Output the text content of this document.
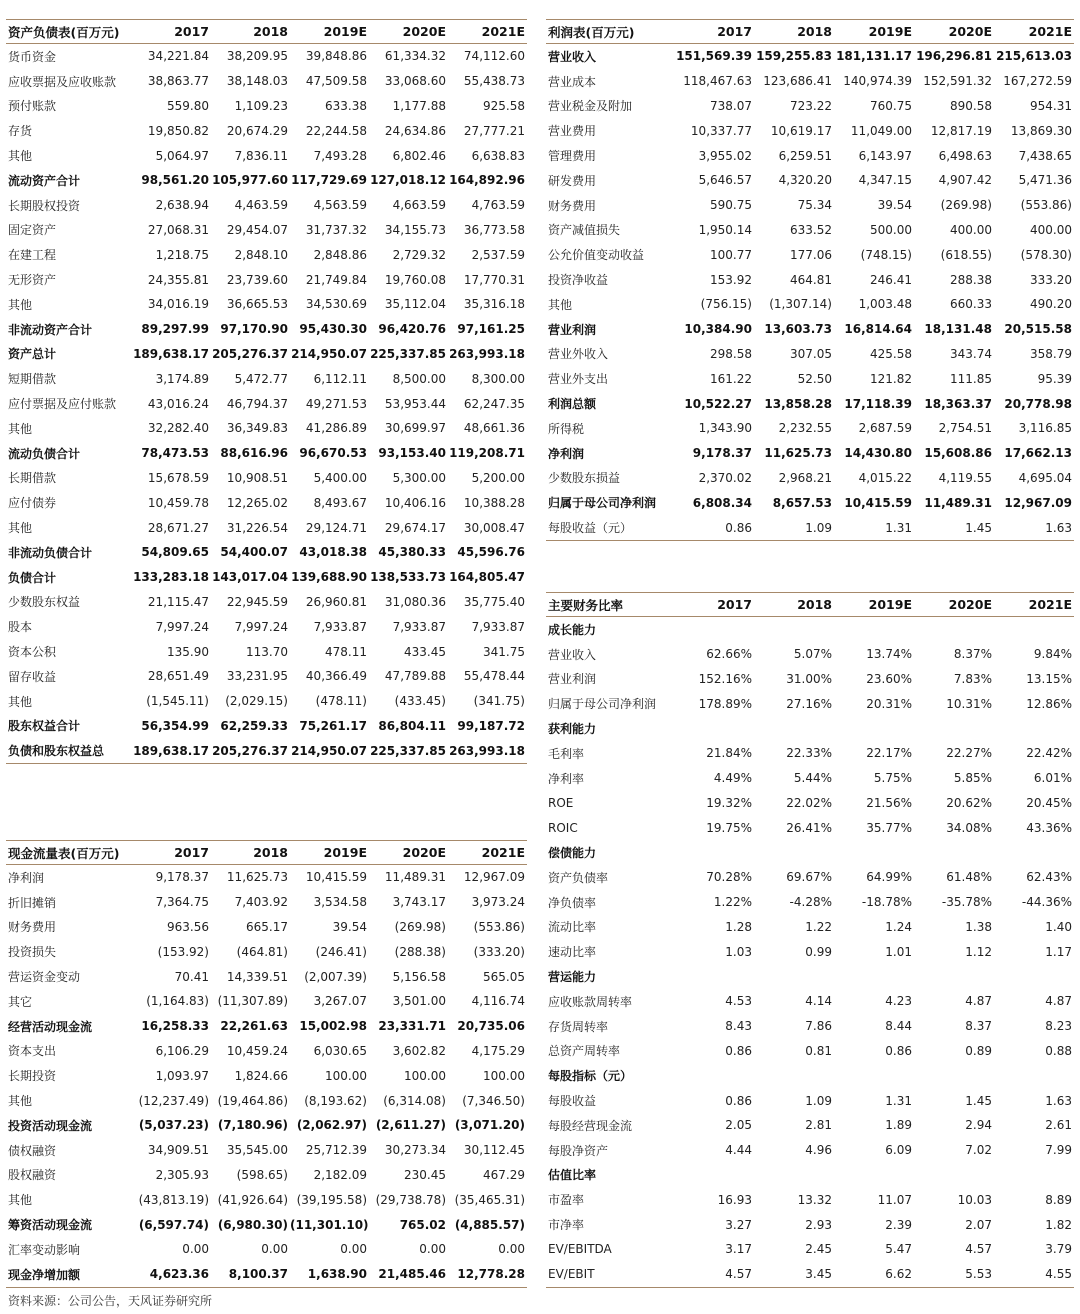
资产负债表(百万元)	2017	2018	2019E	2020E	2021E
货币资金	34,221.84	38,209.95	39,848.86	61,334.32	74,112.60
应收票据及应收账款	38,863.77	38,148.03	47,509.58	33,068.60	55,438.73
预付账款	559.80	1,109.23	633.38	1,177.88	925.58
存货	19,850.82	20,674.29	22,244.58	24,634.86	27,777.21
其他	5,064.97	7,836.11	7,493.28	6,802.46	6,638.83
流动资产合计	98,561.20	105,977.60	117,729.69	127,018.12	164,892.96
长期股权投资	2,638.94	4,463.59	4,563.59	4,663.59	4,763.59
固定资产	27,068.31	29,454.07	31,737.32	34,155.73	36,773.58
在建工程	1,218.75	2,848.10	2,848.86	2,729.32	2,537.59
无形资产	24,355.81	23,739.60	21,749.84	19,760.08	17,770.31
其他	34,016.19	36,665.53	34,530.69	35,112.04	35,316.18
非流动资产合计	89,297.99	97,170.90	95,430.30	96,420.76	97,161.25
资产总计	189,638.17	205,276.37	214,950.07	225,337.85	263,993.18
短期借款	3,174.89	5,472.77	6,112.11	8,500.00	8,300.00
应付票据及应付账款	43,016.24	46,794.37	49,271.53	53,953.44	62,247.35
其他	32,282.40	36,349.83	41,286.89	30,699.97	48,661.36
流动负债合计	78,473.53	88,616.96	96,670.53	93,153.40	119,208.71
长期借款	15,678.59	10,908.51	5,400.00	5,300.00	5,200.00
应付债券	10,459.78	12,265.02	8,493.67	10,406.16	10,388.28
其他	28,671.27	31,226.54	29,124.71	29,674.17	30,008.47
非流动负债合计	54,809.65	54,400.07	43,018.38	45,380.33	45,596.76
负债合计	133,283.18	143,017.04	139,688.90	138,533.73	164,805.47
少数股东权益	21,115.47	22,945.59	26,960.81	31,080.36	35,775.40
股本	7,997.24	7,997.24	7,933.87	7,933.87	7,933.87
资本公积	135.90	113.70	478.11	433.45	341.75
留存收益	28,651.49	33,231.95	40,366.49	47,789.88	55,478.44
其他	(1,545.11)	(2,029.15)	(478.11)	(433.45)	(341.75)
股东权益合计	56,354.99	62,259.33	75,261.17	86,804.11	99,187.72
负债和股东权益总	189,638.17	205,276.37	214,950.07	225,337.85	263,993.18
利润表(百万元)	2017	2018	2019E	2020E	2021E
营业收入	151,569.39	159,255.83	181,131.17	196,296.81	215,613.03
营业成本	118,467.63	123,686.41	140,974.39	152,591.32	167,272.59
营业税金及附加	738.07	723.22	760.75	890.58	954.31
营业费用	10,337.77	10,619.17	11,049.00	12,817.19	13,869.30
管理费用	3,955.02	6,259.51	6,143.97	6,498.63	7,438.65
研发费用	5,646.57	4,320.20	4,347.15	4,907.42	5,471.36
财务费用	590.75	75.34	39.54	(269.98)	(553.86)
资产减值损失	1,950.14	633.52	500.00	400.00	400.00
公允价值变动收益	100.77	177.06	(748.15)	(618.55)	(578.30)
投资净收益	153.92	464.81	246.41	288.38	333.20
其他	(756.15)	(1,307.14)	1,003.48	660.33	490.20
营业利润	10,384.90	13,603.73	16,814.64	18,131.48	20,515.58
营业外收入	298.58	307.05	425.58	343.74	358.79
营业外支出	161.22	52.50	121.82	111.85	95.39
利润总额	10,522.27	13,858.28	17,118.39	18,363.37	20,778.98
所得税	1,343.90	2,232.55	2,687.59	2,754.51	3,116.85
净利润	9,178.37	11,625.73	14,430.80	15,608.86	17,662.13
少数股东损益	2,370.02	2,968.21	4,015.22	4,119.55	4,695.04
归属于母公司净利润	6,808.34	8,657.53	10,415.59	11,489.31	12,967.09
每股收益（元）	0.86	1.09	1.31	1.45	1.63
主要财务比率	2017	2018	2019E	2020E	2021E
成长能力					
营业收入	62.66%	5.07%	13.74%	8.37%	9.84%
营业利润	152.16%	31.00%	23.60%	7.83%	13.15%
归属于母公司净利润	178.89%	27.16%	20.31%	10.31%	12.86%
获利能力					
毛利率	21.84%	22.33%	22.17%	22.27%	22.42%
净利率	4.49%	5.44%	5.75%	5.85%	6.01%
ROE	19.32%	22.02%	21.56%	20.62%	20.45%
ROIC	19.75%	26.41%	35.77%	34.08%	43.36%
偿债能力					
资产负债率	70.28%	69.67%	64.99%	61.48%	62.43%
净负债率	1.22%	-4.28%	-18.78%	-35.78%	-44.36%
流动比率	1.28	1.22	1.24	1.38	1.40
速动比率	1.03	0.99	1.01	1.12	1.17
营运能力					
应收账款周转率	4.53	4.14	4.23	4.87	4.87
存货周转率	8.43	7.86	8.44	8.37	8.23
总资产周转率	0.86	0.81	0.86	0.89	0.88
每股指标（元）					
每股收益	0.86	1.09	1.31	1.45	1.63
每股经营现金流	2.05	2.81	1.89	2.94	2.61
每股净资产	4.44	4.96	6.09	7.02	7.99
估值比率					
市盈率	16.93	13.32	11.07	10.03	8.89
市净率	3.27	2.93	2.39	2.07	1.82
EV/EBITDA	3.17	2.45	5.47	4.57	3.79
EV/EBIT	4.57	3.45	6.62	5.53	4.55
现金流量表(百万元)	2017	2018	2019E	2020E	2021E
净利润	9,178.37	11,625.73	10,415.59	11,489.31	12,967.09
折旧摊销	7,364.75	7,403.92	3,534.58	3,743.17	3,973.24
财务费用	963.56	665.17	39.54	(269.98)	(553.86)
投资损失	(153.92)	(464.81)	(246.41)	(288.38)	(333.20)
营运资金变动	70.41	14,339.51	(2,007.39)	5,156.58	565.05
其它	(1,164.83)	(11,307.89)	3,267.07	3,501.00	4,116.74
经营活动现金流	16,258.33	22,261.63	15,002.98	23,331.71	20,735.06
资本支出	6,106.29	10,459.24	6,030.65	3,602.82	4,175.29
长期投资	1,093.97	1,824.66	100.00	100.00	100.00
其他	(12,237.49)	(19,464.86)	(8,193.62)	(6,314.08)	(7,346.50)
投资活动现金流	(5,037.23)	(7,180.96)	(2,062.97)	(2,611.27)	(3,071.20)
债权融资	34,909.51	35,545.00	25,712.39	30,273.34	30,112.45
股权融资	2,305.93	(598.65)	2,182.09	230.45	467.29
其他	(43,813.19)	(41,926.64)	(39,195.58)	(29,738.78)	(35,465.31)
筹资活动现金流	(6,597.74)	(6,980.30)	(11,301.10)	765.02	(4,885.57)
汇率变动影响	0.00	0.00	0.00	0.00	0.00
现金净增加额	4,623.36	8,100.37	1,638.90	21,485.46	12,778.28
资料来源：公司公告，天风证券研究所
